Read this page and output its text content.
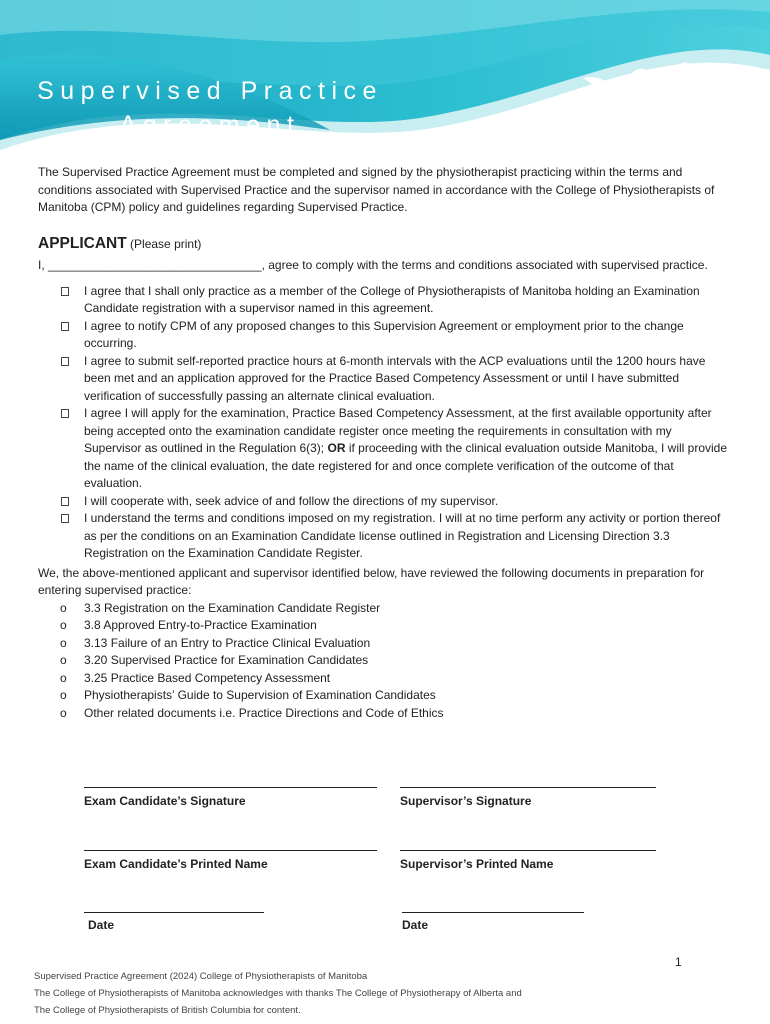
Supervised Practice
Agreement

The Supervised Practice Agreement must be completed and signed by the physiotherapist practicing within the terms and conditions associated with Supervised Practice and the supervisor named in accordance with the College of Physiotherapists of Manitoba (CPM) policy and guidelines regarding Supervised Practice.

APPLICANT (Please print)

I, ________________________________, agree to comply with the terms and conditions associated with supervised practice.

I agree that I shall only practice as a member of the College of Physiotherapists of Manitoba holding an Examination Candidate registration with a supervisor named in this agreement.
I agree to notify CPM of any proposed changes to this Supervision Agreement or employment prior to the change occurring.
I agree to submit self-reported practice hours at 6-month intervals with the ACP evaluations until the 1200 hours have been met and an application approved for the Practice Based Competency Assessment or until I have submitted verification of successfully passing an alternate clinical evaluation.
I agree I will apply for the examination, Practice Based Competency Assessment, at the first available opportunity after being accepted onto the examination candidate register once meeting the requirements in consultation with my Supervisor as outlined in the Regulation 6(3); OR if proceeding with the clinical evaluation outside Manitoba, I will provide the name of the clinical evaluation, the date registered for and once complete verification of the outcome of that evaluation.
I will cooperate with, seek advice of and follow the directions of my supervisor.
I understand the terms and conditions imposed on my registration. I will at no time perform any activity or portion thereof as per the conditions on an Examination Candidate license outlined in Registration and Licensing Direction 3.3 Registration on the Examination Candidate Register.

We, the above-mentioned applicant and supervisor identified below, have reviewed the following documents in preparation for entering supervised practice:

o 3.3 Registration on the Examination Candidate Register
o 3.8 Approved Entry-to-Practice Examination
o 3.13 Failure of an Entry to Practice Clinical Evaluation
o 3.20 Supervised Practice for Examination Candidates
o 3.25 Practice Based Competency Assessment
o Physiotherapists’ Guide to Supervision of Examination Candidates
o Other related documents i.e. Practice Directions and Code of Ethics
Exam Candidate’s Signature	Supervisor’s Signature
Exam Candidate’s Printed Name	Supervisor’s Printed Name
Date	Date
1
Supervised Practice Agreement (2024) College of Physiotherapists of Manitoba
The College of Physiotherapists of Manitoba acknowledges with thanks The College of Physiotherapy of Alberta and
The College of Physiotherapists of British Columbia for content.
